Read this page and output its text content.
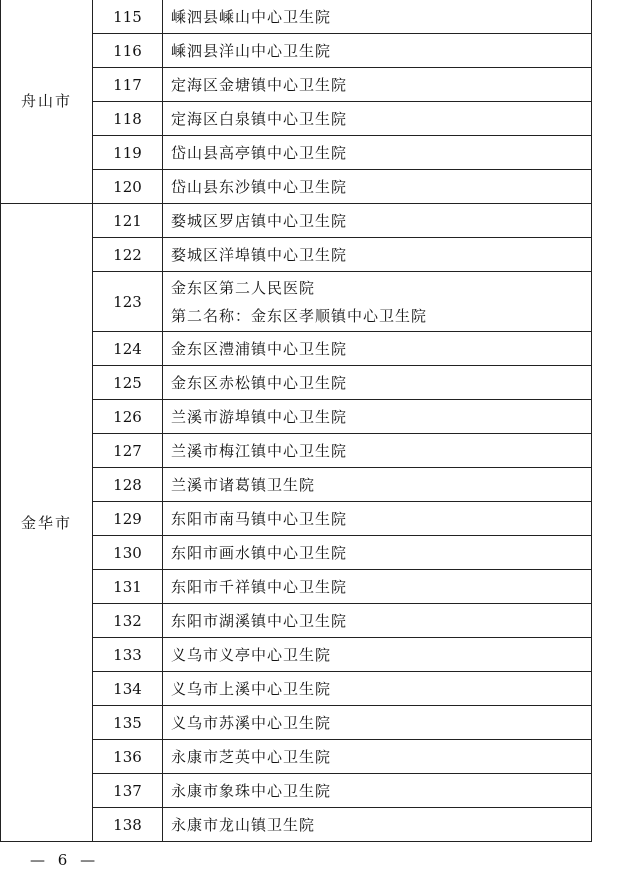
舟山市	115	嵊泗县嵊山中心卫生院
	116	嵊泗县洋山中心卫生院
	117	定海区金塘镇中心卫生院
	118	定海区白泉镇中心卫生院
	119	岱山县高亭镇中心卫生院
	120	岱山县东沙镇中心卫生院
金华市	121	婺城区罗店镇中心卫生院
	122	婺城区洋埠镇中心卫生院
	123	金东区第二人民医院
第二名称：金东区孝顺镇中心卫生院

	124	金东区澧浦镇中心卫生院
	125	金东区赤松镇中心卫生院
	126	兰溪市游埠镇中心卫生院
	127	兰溪市梅江镇中心卫生院
	128	兰溪市诸葛镇卫生院
	129	东阳市南马镇中心卫生院
	130	东阳市画水镇中心卫生院
	131	东阳市千祥镇中心卫生院
	132	东阳市湖溪镇中心卫生院
	133	义乌市义亭中心卫生院
	134	义乌市上溪中心卫生院
	135	义乌市苏溪中心卫生院
	136	永康市芝英中心卫生院
	137	永康市象珠中心卫生院
	138	永康市龙山镇卫生院
— 6 —
